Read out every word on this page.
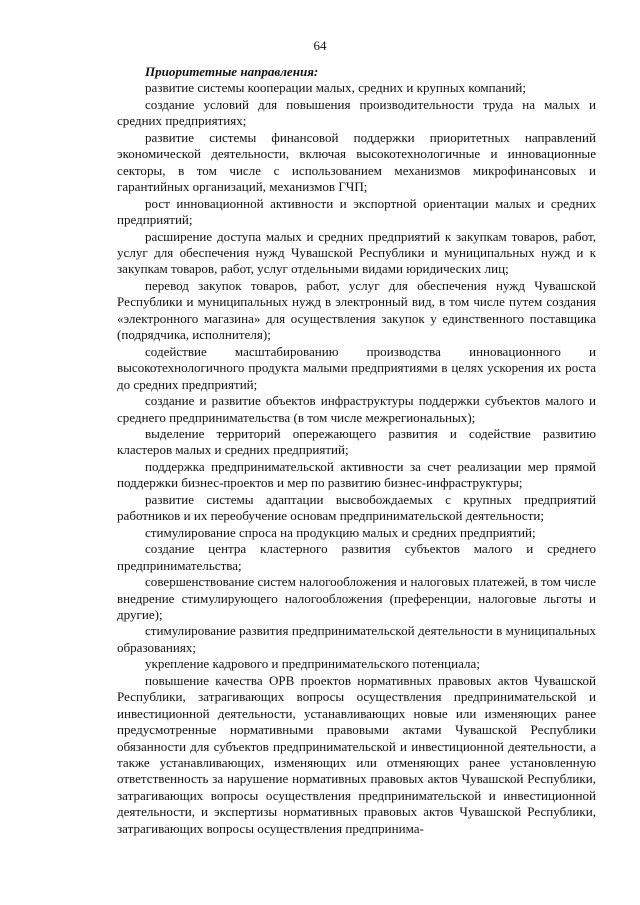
64

Приоритетные направления:

развитие системы кооперации малых, средних и крупных компаний;

создание условий для повышения производительности труда на малых и средних предприятиях;

развитие системы финансовой поддержки приоритетных направлений экономической деятельности, включая высокотехнологичные и инновационные секторы, в том числе с использованием механизмов микрофинансовых и гарантийных организаций, механизмов ГЧП;

рост инновационной активности и экспортной ориентации малых и средних предприятий;

расширение доступа малых и средних предприятий к закупкам товаров, работ, услуг для обеспечения нужд Чувашской Республики и муниципальных нужд и к закупкам товаров, работ, услуг отдельными видами юридических лиц;

перевод закупок товаров, работ, услуг для обеспечения нужд Чувашской Республики и муниципальных нужд в электронный вид, в том числе путем создания «электронного магазина» для осуществления закупок у единственного поставщика (подрядчика, исполнителя);

содействие масштабированию производства инновационного и высокотехнологичного продукта малыми предприятиями в целях ускорения их роста до средних предприятий;

создание и развитие объектов инфраструктуры поддержки субъектов малого и среднего предпринимательства (в том числе межрегиональных);

выделение территорий опережающего развития и содействие развитию кластеров малых и средних предприятий;

поддержка предпринимательской активности за счет реализации мер прямой поддержки бизнес-проектов и мер по развитию бизнес-инфраструктуры;

развитие системы адаптации высвобождаемых с крупных предприятий работников и их переобучение основам предпринимательской деятельности;

стимулирование спроса на продукцию малых и средних предприятий;

создание центра кластерного развития субъектов малого и среднего предпринимательства;

совершенствование систем налогообложения и налоговых платежей, в том числе внедрение стимулирующего налогообложения (преференции, налоговые льготы и другие);

стимулирование развития предпринимательской деятельности в муниципальных образованиях;

укрепление кадрового и предпринимательского потенциала;

повышение качества ОРВ проектов нормативных правовых актов Чувашской Республики, затрагивающих вопросы осуществления предпринимательской и инвестиционной деятельности, устанавливающих новые или изменяющих ранее предусмотренные нормативными правовыми актами Чувашской Республики обязанности для субъектов предпринимательской и инвестиционной деятельности, а также устанавливающих, изменяющих или отменяющих ранее установленную ответственность за нарушение нормативных правовых актов Чувашской Республики, затрагивающих вопросы осуществления предпринимательской и инвестиционной деятельности, и экспертизы нормативных правовых актов Чувашской Республики, затрагивающих вопросы осуществления предпринима-
